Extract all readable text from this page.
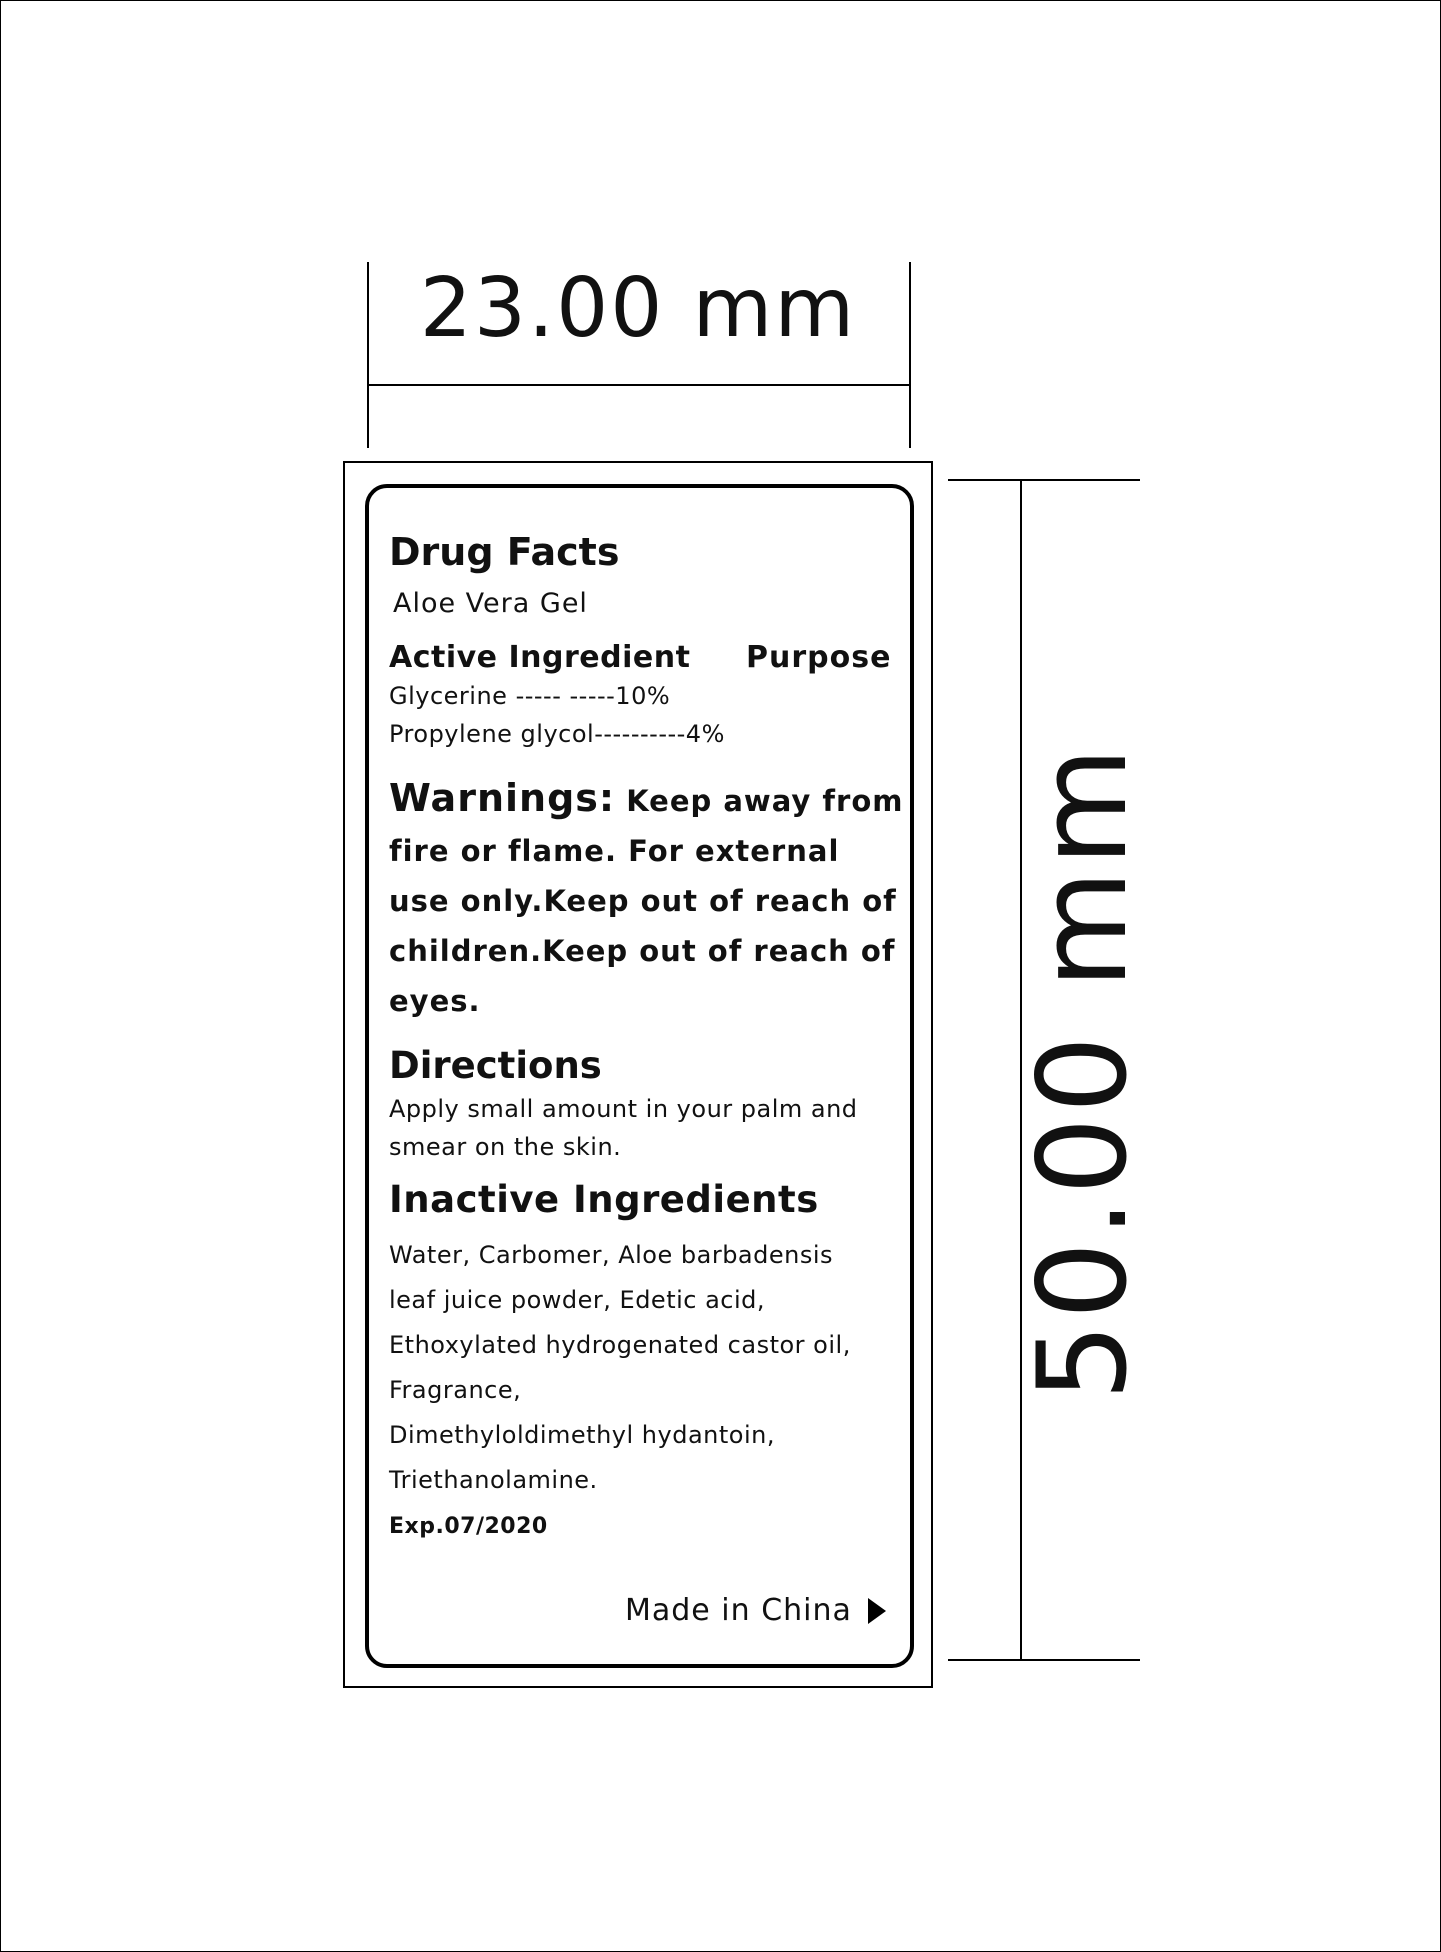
23.00 mm
50.00 mm
Drug Facts
Aloe Vera Gel
Active Ingredient Purpose
Glycerine ----- -----10%
Propylene glycol----------4%
Warnings: Keep away from fire or flame. For external use only.Keep out of reach of children.Keep out of reach of eyes.
Directions
Apply small amount in your palm and smear on the skin.
Inactive Ingredients
Water, Carbomer, Aloe barbadensis
leaf juice powder, Edetic acid,
Ethoxylated hydrogenated castor oil,
Fragrance,
Dimethyloldimethyl hydantoin,
Triethanolamine.
Exp.07/2020
Made in China
